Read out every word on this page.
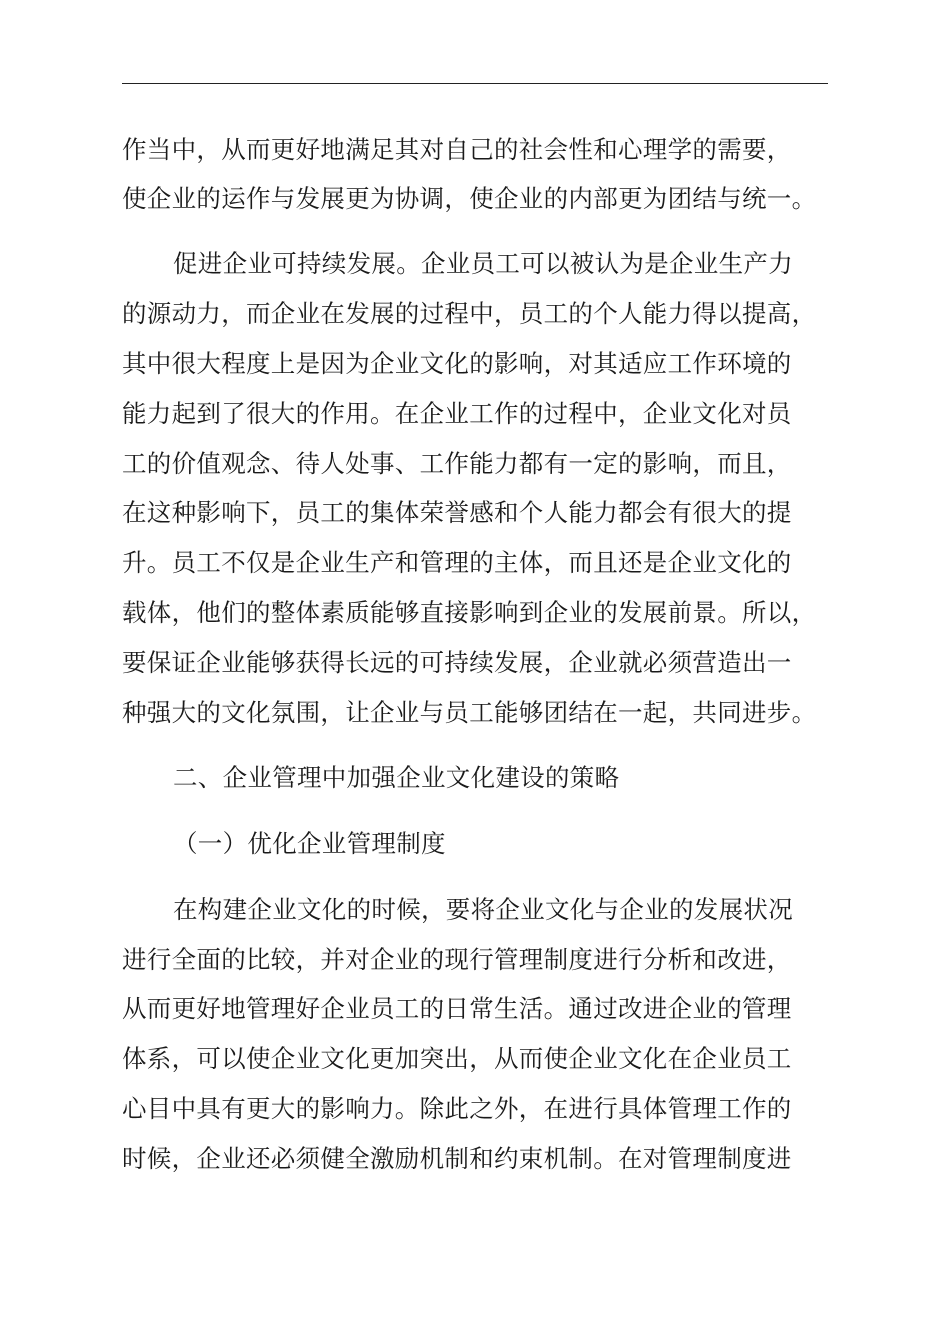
作当中，从而更好地满足其对自己的社会性和心理学的需要，
使企业的运作与发展更为协调，使企业的内部更为团结与统一。
促进企业可持续发展。企业员工可以被认为是企业生产力
的源动力，而企业在发展的过程中，员工的个人能力得以提高，
其中很大程度上是因为企业文化的影响，对其适应工作环境的
能力起到了很大的作用。在企业工作的过程中，企业文化对员
工的价值观念、待人处事、工作能力都有一定的影响，而且，
在这种影响下，员工的集体荣誉感和个人能力都会有很大的提
升。员工不仅是企业生产和管理的主体，而且还是企业文化的
载体，他们的整体素质能够直接影响到企业的发展前景。所以，
要保证企业能够获得长远的可持续发展，企业就必须营造出一
种强大的文化氛围，让企业与员工能够团结在一起，共同进步。
二、企业管理中加强企业文化建设的策略
（一）优化企业管理制度
在构建企业文化的时候，要将企业文化与企业的发展状况
进行全面的比较，并对企业的现行管理制度进行分析和改进，
从而更好地管理好企业员工的日常生活。通过改进企业的管理
体系，可以使企业文化更加突出，从而使企业文化在企业员工
心目中具有更大的影响力。除此之外，在进行具体管理工作的
时候，企业还必须健全激励机制和约束机制。在对管理制度进
